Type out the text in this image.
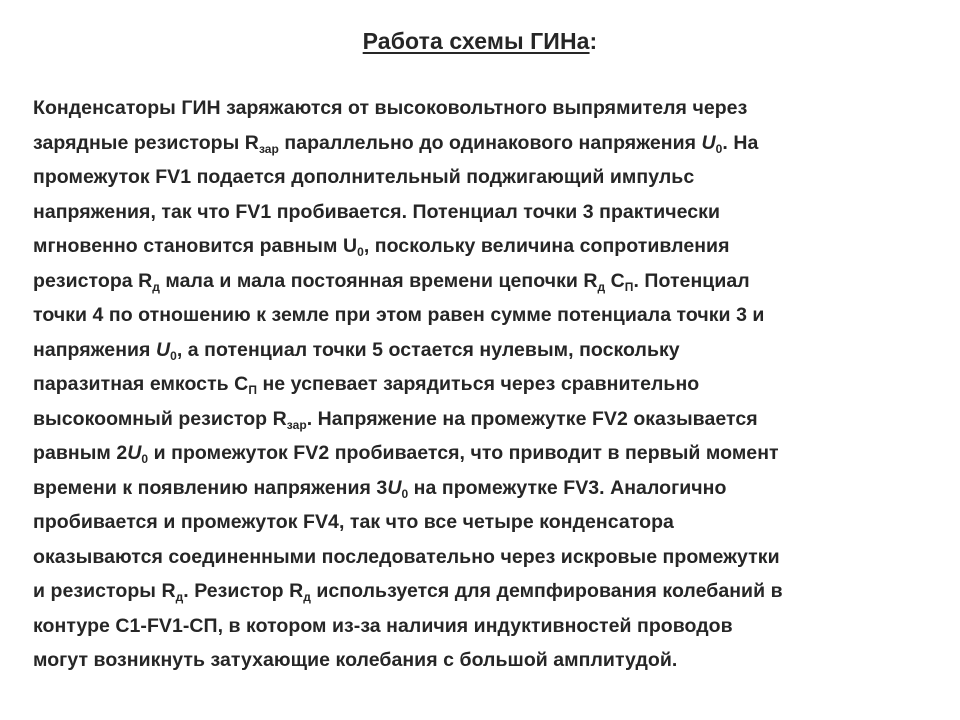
Работа схемы ГИНа:
Конденсаторы ГИН заряжаются от высоковольтного выпрямителя через
зарядные резисторы $R_{зар}$ параллельно до одинакового напряжения $U_0$. На
промежуток FV1 подается дополнительный поджигающий импульс
напряжения, так что FV1 пробивается. Потенциал точки 3 практически
мгновенно становится равным $U_0$, поскольку величина сопротивления
резистора $R_д$ мала и мала постоянная времени цепочки $R_д$ $С_П$. Потенциал
точки 4 по отношению к земле при этом равен сумме потенциала точки 3 и
напряжения $U_0$, а потенциал точки 5 остается нулевым, поскольку
паразитная емкость $С_П$ не успевает зарядиться через сравнительно
высокоомный резистор $R_{зар}$. Напряжение на промежутке FV2 оказывается
равным $2U_0$ и промежуток FV2 пробивается, что приводит в первый момент
времени к появлению напряжения $3U_0$ на промежутке FV3. Аналогично
пробивается и промежуток FV4, так что все четыре конденсатора
оказываются соединенными последовательно через искровые промежутки
и резисторы $R_д$. Резистор $R_д$ используется для демпфирования колебаний в
контуре С1-FV1-СП, в котором из-за наличия индуктивностей проводов
могут возникнуть затухающие колебания с большой амплитудой.
